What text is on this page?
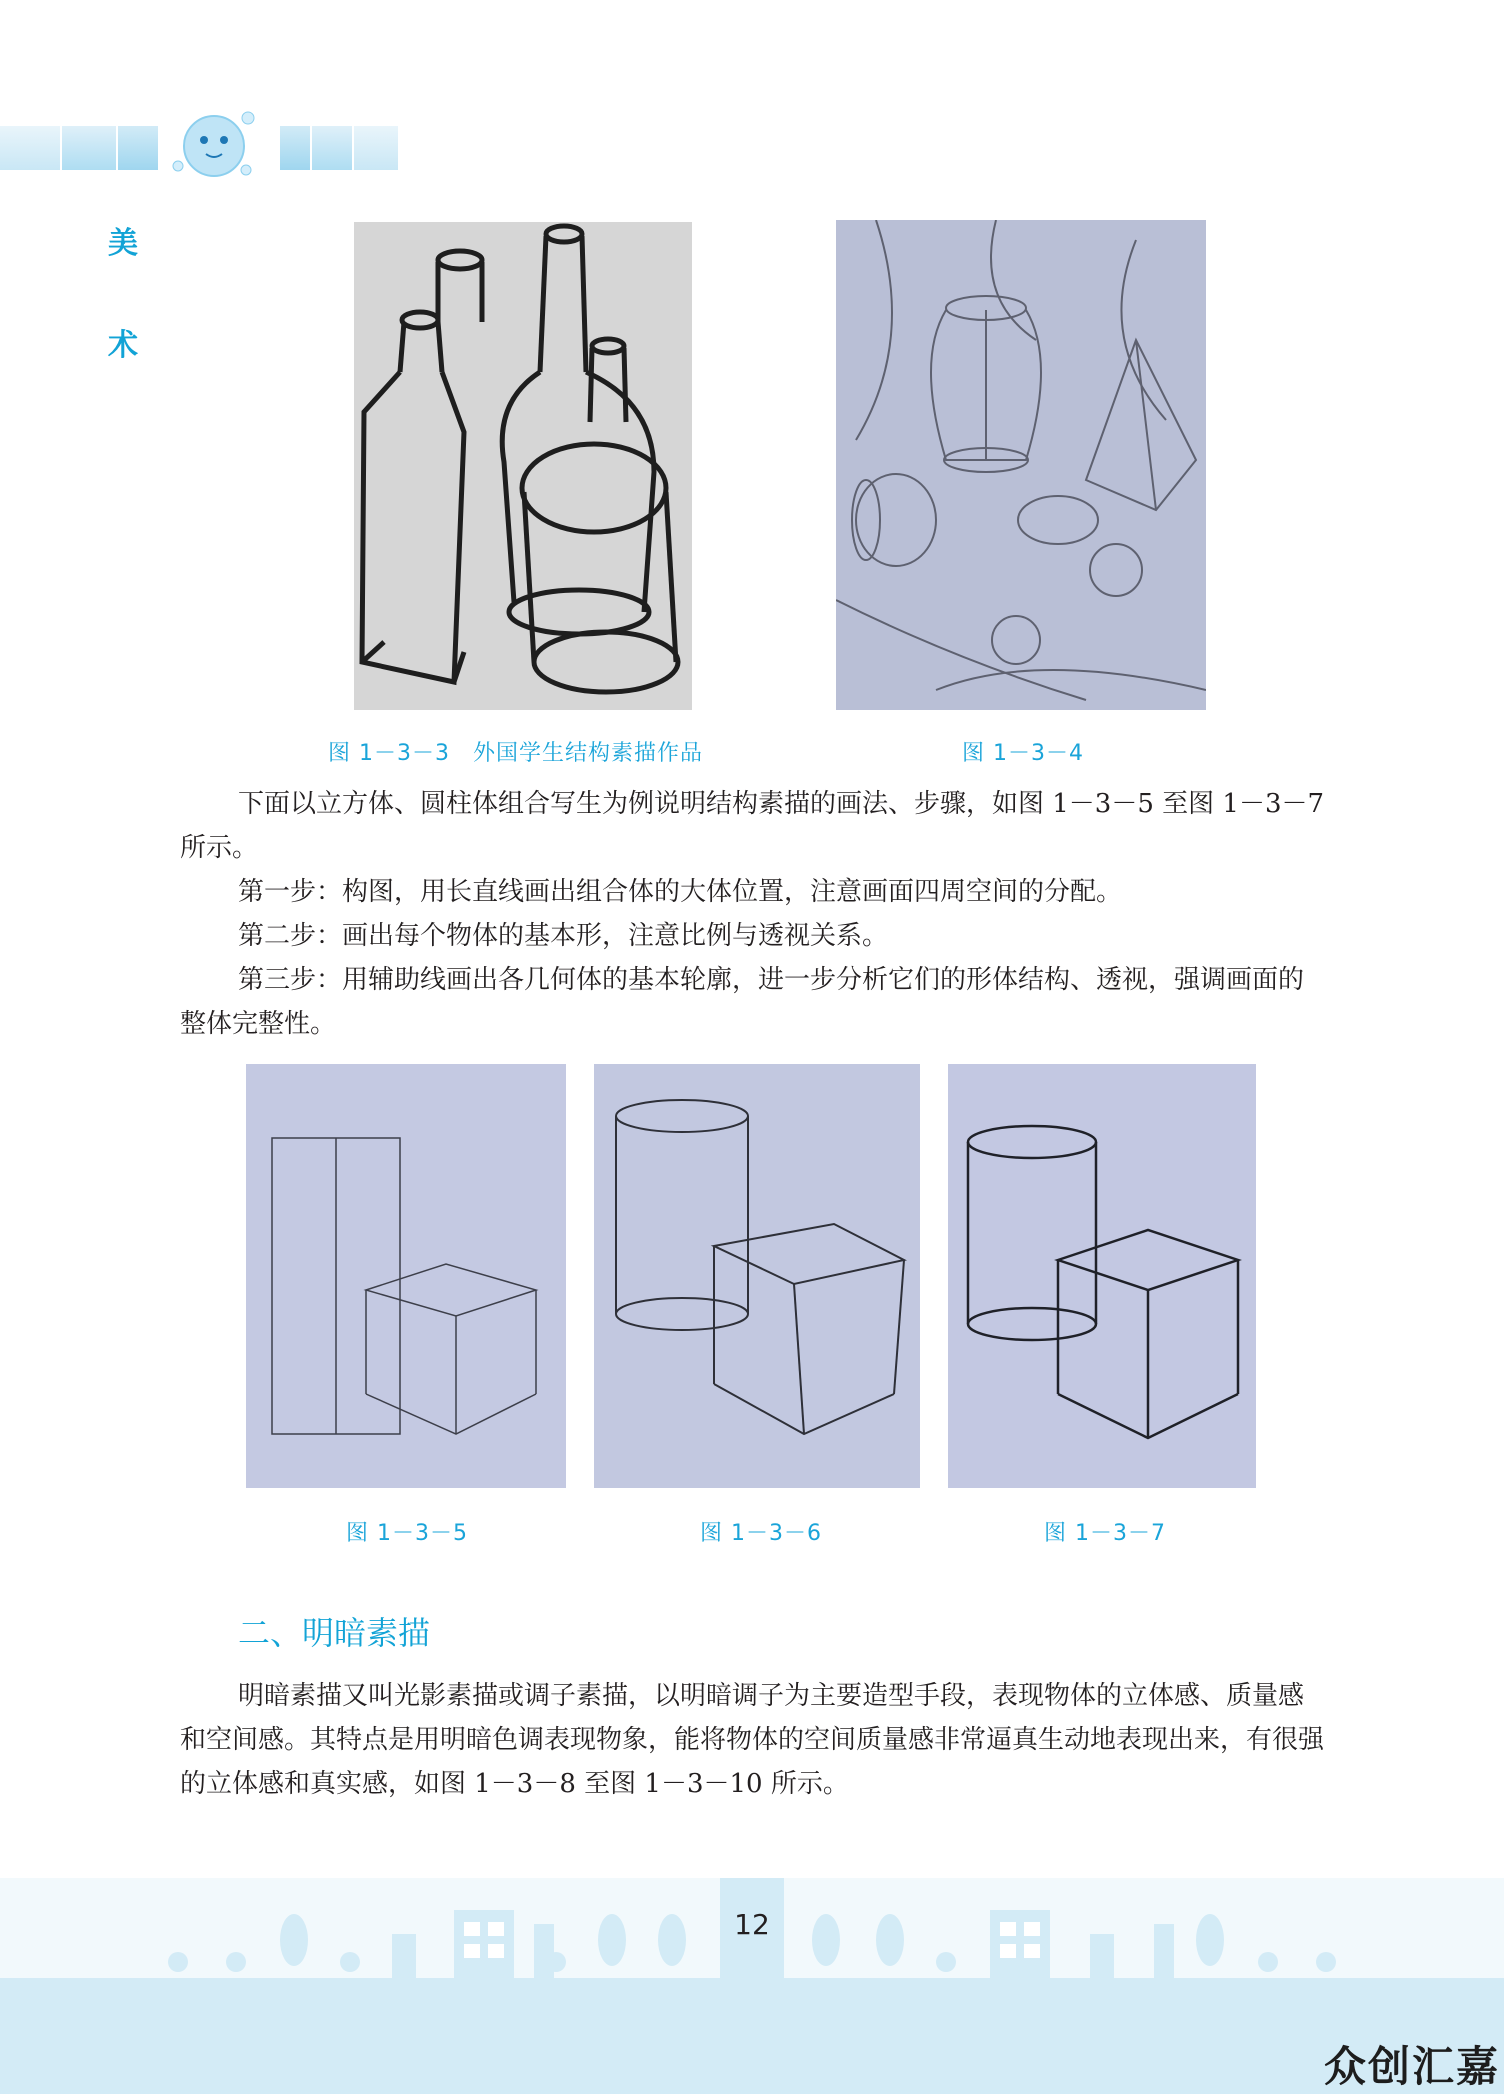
美
术
图 1－3－3　外国学生结构素描作品	图 1－3－4

下面以立方体、圆柱体组合写生为例说明结构素描的画法、步骤，如图 1－3－5 至图 1－3－7 所示。

第一步：构图，用长直线画出组合体的大体位置，注意画面四周空间的分配。

第二步：画出每个物体的基本形，注意比例与透视关系。

第三步：用辅助线画出各几何体的基本轮廓，进一步分析它们的形体结构、透视，强调画面的整体完整性。

图 1－3－5	图 1－3－6	图 1－3－7
二、明暗素描

明暗素描又叫光影素描或调子素描，以明暗调子为主要造型手段，表现物体的立体感、质量感和空间感。其特点是用明暗色调表现物象，能将物体的空间质量感非常逼真生动地表现出来，有很强的立体感和真实感，如图 1－3－8 至图 1－3－10 所示。

12
众创汇嘉
